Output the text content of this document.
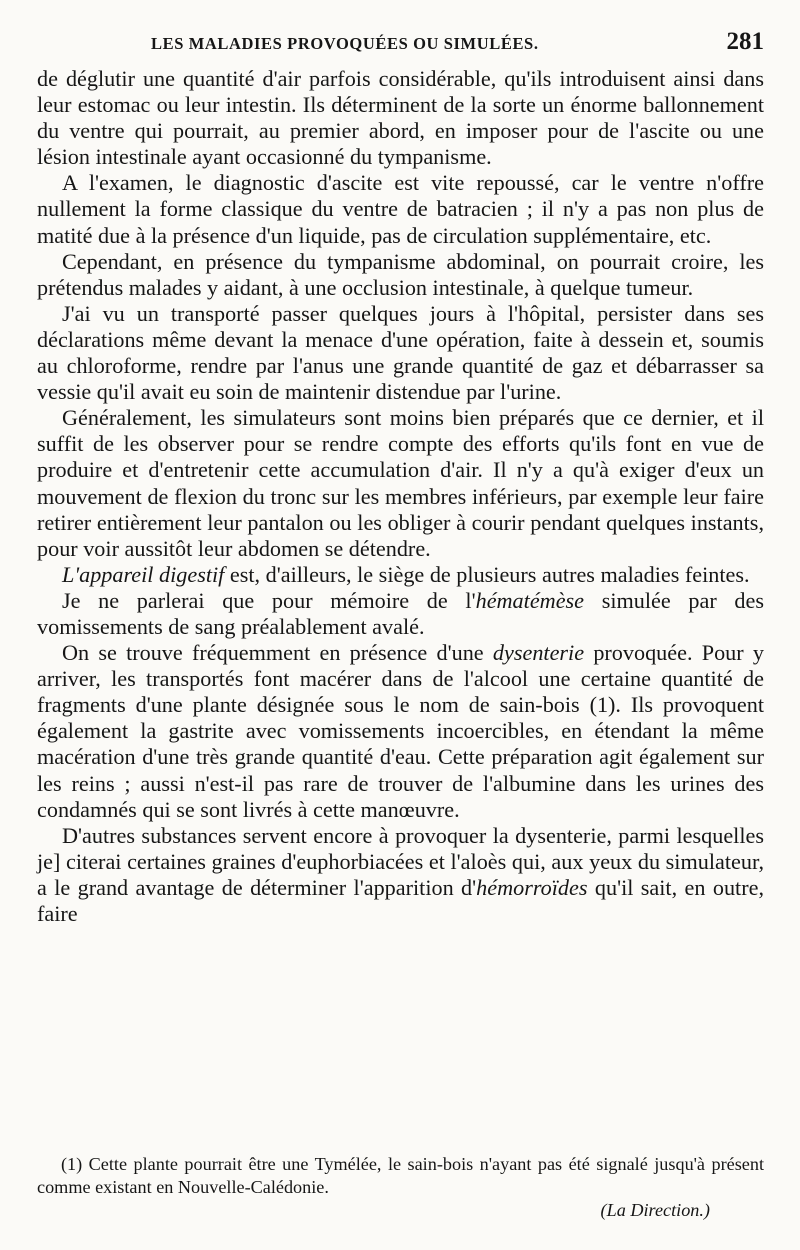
LES MALADIES PROVOQUÉES OU SIMULÉES.	281

de déglutir une quantité d'air parfois considérable, qu'ils introduisent ainsi dans leur estomac ou leur intestin. Ils déterminent de la sorte un énorme ballonnement du ventre qui pourrait, au premier abord, en imposer pour de l'ascite ou une lésion intestinale ayant occasionné du tympanisme.

A l'examen, le diagnostic d'ascite est vite repoussé, car le ventre n'offre nullement la forme classique du ventre de batracien ; il n'y a pas non plus de matité due à la présence d'un liquide, pas de circulation supplémentaire, etc.

Cependant, en présence du tympanisme abdominal, on pourrait croire, les prétendus malades y aidant, à une occlusion intestinale, à quelque tumeur.

J'ai vu un transporté passer quelques jours à l'hôpital, persister dans ses déclarations même devant la menace d'une opération, faite à dessein et, soumis au chloroforme, rendre par l'anus une grande quantité de gaz et débarrasser sa vessie qu'il avait eu soin de maintenir distendue par l'urine.

Généralement, les simulateurs sont moins bien préparés que ce dernier, et il suffit de les observer pour se rendre compte des efforts qu'ils font en vue de produire et d'entretenir cette accumulation d'air. Il n'y a qu'à exiger d'eux un mouvement de flexion du tronc sur les membres inférieurs, par exemple leur faire retirer entièrement leur pantalon ou les obliger à courir pendant quelques instants, pour voir aussitôt leur abdomen se détendre.

L'appareil digestif est, d'ailleurs, le siège de plusieurs autres maladies feintes.

Je ne parlerai que pour mémoire de l'hématémèse simulée par des vomissements de sang préalablement avalé.

On se trouve fréquemment en présence d'une dysenterie provoquée. Pour y arriver, les transportés font macérer dans de l'alcool une certaine quantité de fragments d'une plante désignée sous le nom de sain-bois (1). Ils provoquent également la gastrite avec vomissements incoercibles, en étendant la même macération d'une très grande quantité d'eau. Cette préparation agit également sur les reins ; aussi n'est-il pas rare de trouver de l'albumine dans les urines des condamnés qui se sont livrés à cette manœuvre.

D'autres substances servent encore à provoquer la dysenterie, parmi lesquelles je] citerai certaines graines d'euphorbiacées et l'aloès qui, aux yeux du simulateur, a le grand avantage de déterminer l'apparition d'hémorroïdes qu'il sait, en outre, faire

(1) Cette plante pourrait être une Tymélée, le sain-bois n'ayant pas été signalé jusqu'à présent comme existant en Nouvelle-Calédonie.

(La Direction.)
